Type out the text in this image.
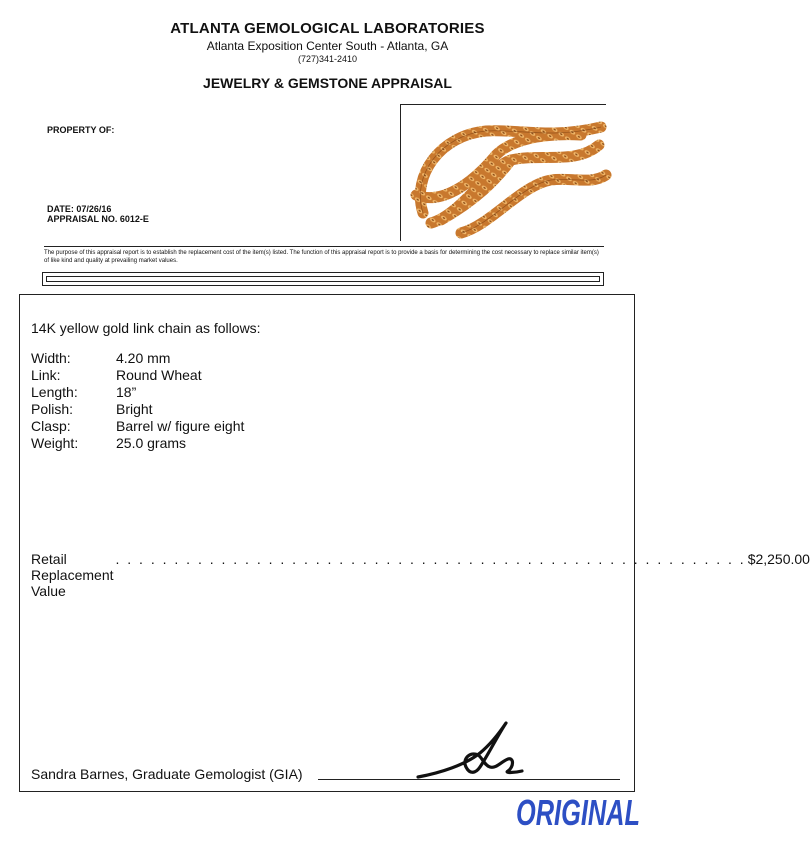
ATLANTA GEMOLOGICAL LABORATORIES
Atlanta Exposition Center South - Atlanta, GA
(727)341-2410
JEWELRY & GEMSTONE APPRAISAL
PROPERTY OF:
DATE: 07/26/16
APPRAISAL NO. 6012-E
The purpose of this appraisal report is to establish the replacement cost of the item(s) listed. The function of this appraisal report is to provide a basis for determining the cost necessary to replace similar item(s) of like kind and quality at prevailing market values.
14K yellow gold link chain as follows:
Width:	4.20 mm
Link:	Round Wheat
Length:	18”
Polish:	Bright
Clasp:	Barrel w/ figure eight
Weight:	25.0 grams
Retail Replacement Value
. . . . . . . . . . . . . . . . . . . . . . . . . . . . . . . . . . . . . . . . . . . . . . . . . . . . . . $2,250.00
Sandra Barnes, Graduate Gemologist (GIA)
ORIGINAL
